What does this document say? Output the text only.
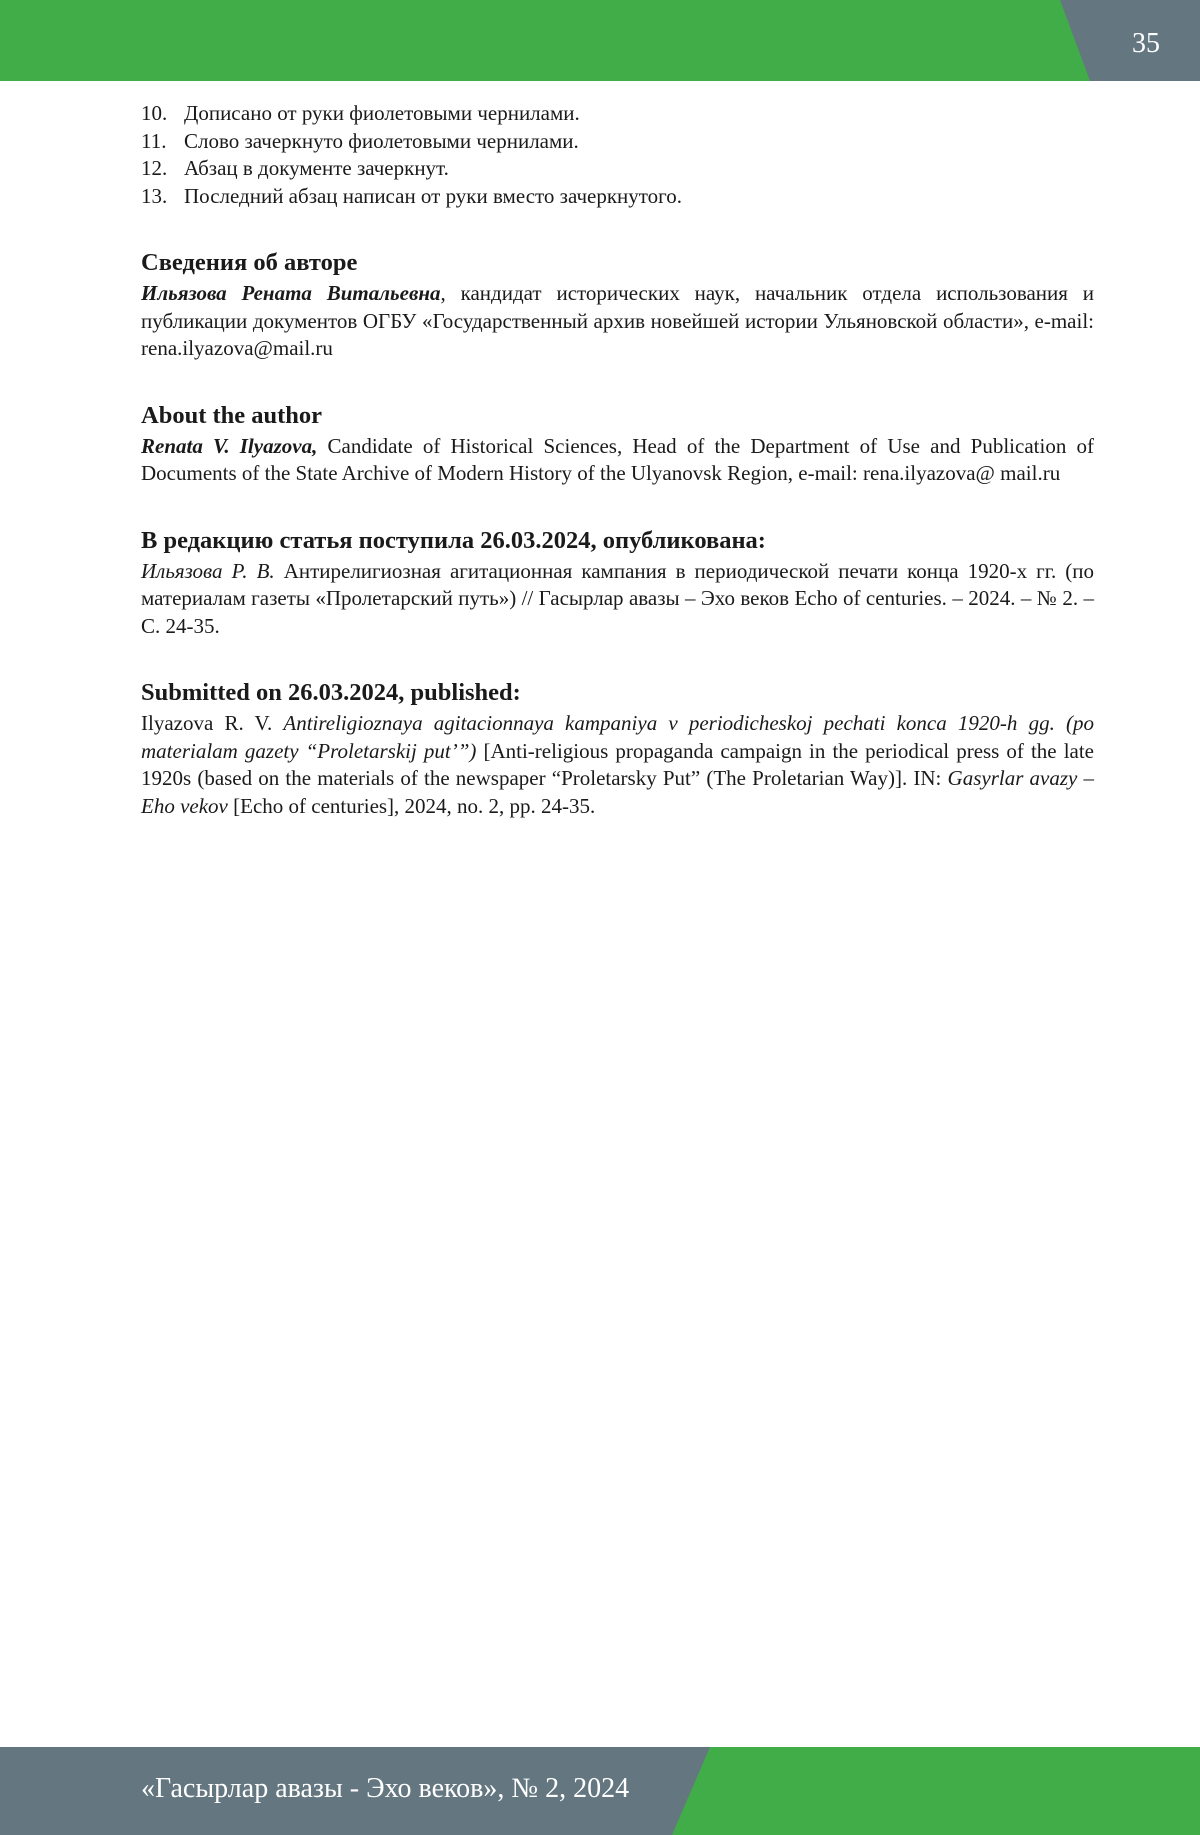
35
10. Дописано от руки фиолетовыми чернилами.
11. Слово зачеркнуто фиолетовыми чернилами.
12. Абзац в документе зачеркнут.
13. Последний абзац написан от руки вместо зачеркнутого.
Сведения об авторе

Ильязова Рената Витальевна, кандидат исторических наук, начальник отдела использования и публикации документов ОГБУ «Государственный архив новейшей истории Ульяновской области», e-mail: rena.ilyazova@mail.ru

About the author

Renata V. Ilyazova, Candidate of Historical Sciences, Head of the Department of Use and Publication of Documents of the State Archive of Modern History of the Ulyanovsk Region, e-mail: rena.ilyazova@ mail.ru

В редакцию статья поступила 26.03.2024, опубликована:

Ильязова Р. В. Антирелигиозная агитационная кампания в периодической печати конца 1920-х гг. (по материалам газеты «Пролетарский путь») // Гасырлар авазы – Эхо веков Echo of centuries. – 2024. – № 2. – С. 24-35.

Submitted on 26.03.2024, published:

Ilyazova R. V. Antireligioznaya agitacionnaya kampaniya v periodicheskoj pechati konca 1920-h gg. (po materialam gazety “Proletarskij put’”) [Anti-religious propaganda campaign in the periodical press of the late 1920s (based on the materials of the newspaper “Proletarsky Put” (The Proletarian Way)]. IN: Gasyrlar avazy – Eho vekov [Echo of centuries], 2024, no. 2, pp. 24-35.

«Гасырлар авазы - Эхо веков», № 2, 2024
